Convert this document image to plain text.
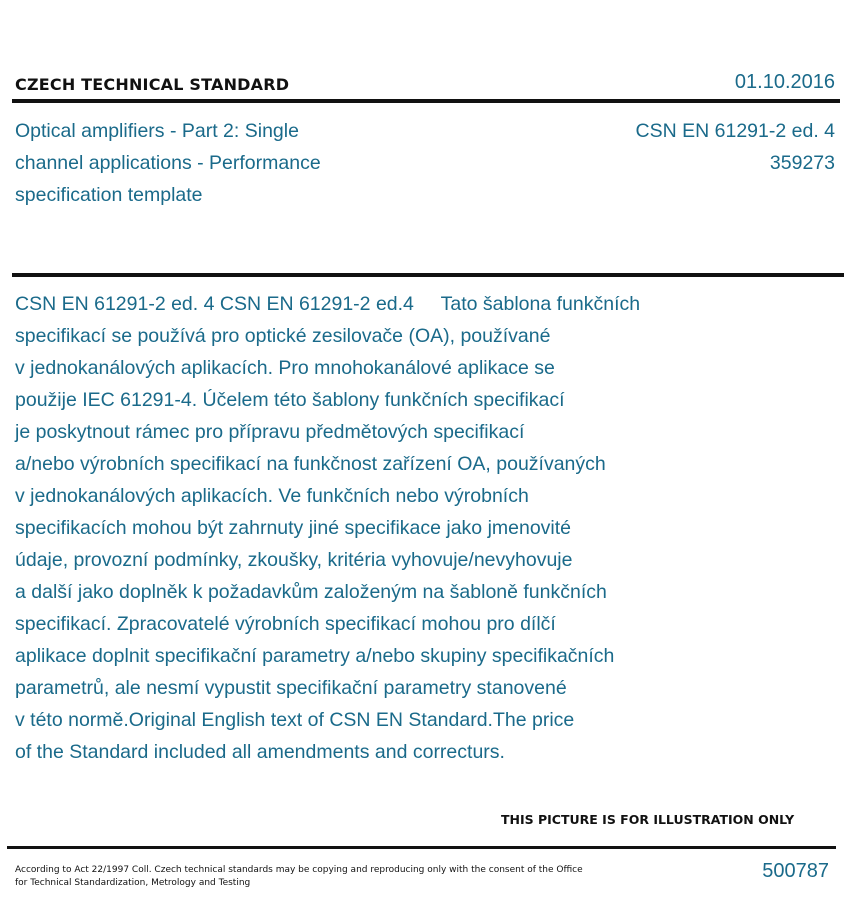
CZECH TECHNICAL STANDARD	01.10.2016
Optical amplifiers - Part 2: Single
channel applications - Performance
specification template
CSN EN 61291-2 ed. 4
359273
CSN EN 61291-2 ed. 4 CSN EN 61291-2 ed.4     Tato šablona funkčních
specifikací se používá pro optické zesilovače (OA), používané
v jednokanálových aplikacích. Pro mnohokanálové aplikace se
použije IEC 61291-4. Účelem této šablony funkčních specifikací
je poskytnout rámec pro přípravu předmětových specifikací
a/nebo výrobních specifikací na funkčnost zařízení OA, používaných
v jednokanálových aplikacích. Ve funkčních nebo výrobních
specifikacích mohou být zahrnuty jiné specifikace jako jmenovité
údaje, provozní podmínky, zkoušky, kritéria vyhovuje/nevyhovuje
a další jako doplněk k požadavkům založeným na šabloně funkčních
specifikací. Zpracovatelé výrobních specifikací mohou pro dílčí
aplikace doplnit specifikační parametry a/nebo skupiny specifikačních
parametrů, ale nesmí vypustit specifikační parametry stanovené
v této normě.Original English text of CSN EN Standard.The price
of the Standard included all amendments and correcturs.
THIS PICTURE IS FOR ILLUSTRATION ONLY
According to Act 22/1997 Coll. Czech technical standards may be copying and reproducing only with the consent of the Office
for Technical Standardization, Metrology and Testing
500787
